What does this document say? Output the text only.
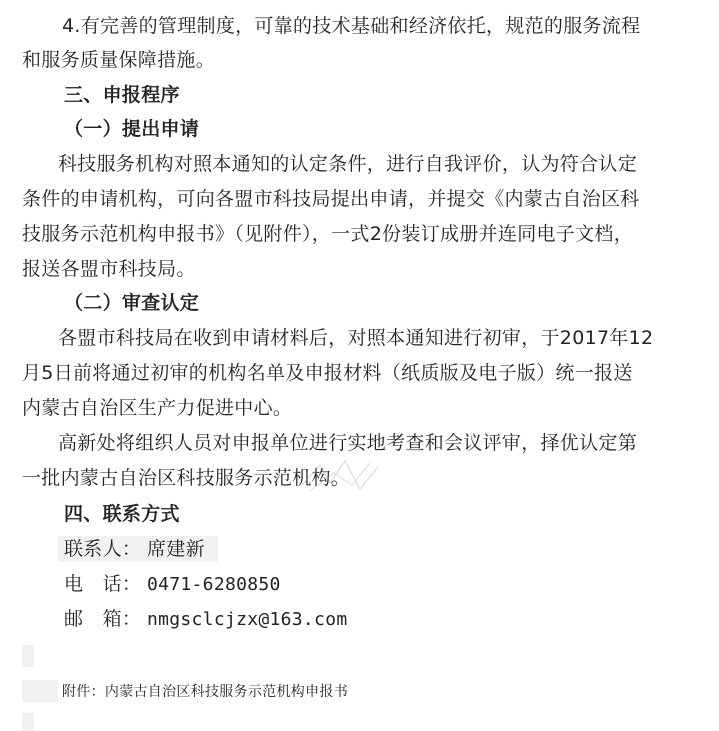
4.有完善的管理制度，可靠的技术基础和经济依托，规范的服务流程
和服务质量保障措施。
三、申报程序
（一）提出申请
科技服务机构对照本通知的认定条件，进行自我评价，认为符合认定
条件的申请机构，可向各盟市科技局提出申请，并提交《内蒙古自治区科
技服务示范机构申报书》（见附件），一式2份装订成册并连同电子文档，
报送各盟市科技局。
（二）审查认定
各盟市科技局在收到申请材料后，对照本通知进行初审，于2017年12
月5日前将通过初审的机构名单及申报材料（纸质版及电子版）统一报送
内蒙古自治区生产力促进中心。
高新处将组织人员对申报单位进行实地考查和会议评审，择优认定第
一批内蒙古自治区科技服务示范机构。
四、联系方式
联系人： 席建新
电　话： 0471-6280850
邮　箱： nmgsclcjzx@163.com
附件：内蒙古自治区科技服务示范机构申报书
